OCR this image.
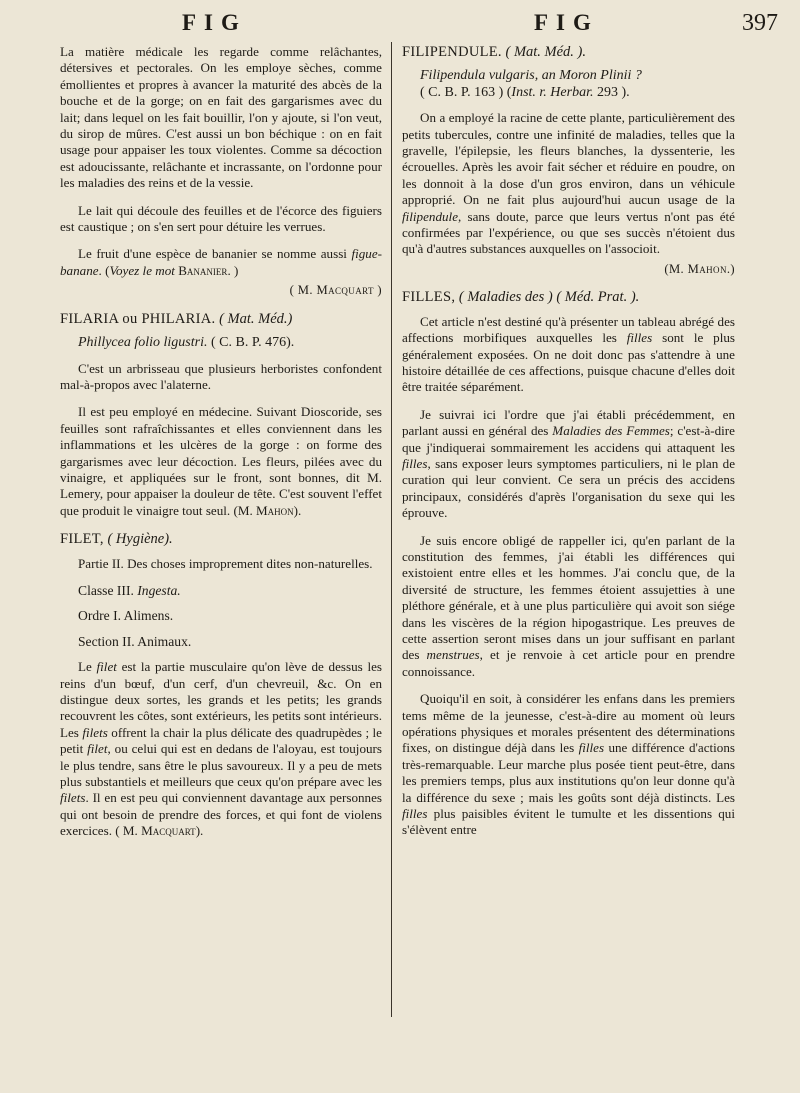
FIG	FIG	397

La matière médicale les regarde comme relâchantes, détersives et pectorales. On les employe sèches, comme émollientes et propres à avancer la maturité des abcès de la bouche et de la gorge; on en fait des gargarismes avec du lait; dans lequel on les fait bouillir, l'on y ajoute, si l'on veut, du sirop de mûres. C'est aussi un bon béchique : on en fait usage pour appaiser les toux violentes. Comme sa décoction est adoucissante, relâchante et incrassante, on l'ordonne pour les maladies des reins et de la vessie.

Le lait qui découle des feuilles et de l'écorce des figuiers est caustique ; on s'en sert pour détuire les verrues.

Le fruit d'une espèce de bananier se nomme aussi figue-banane. (Voyez le mot Bananier. )

( M. Macquart )

FILARIA ou PHILARIA. ( Mat. Méd.)
Phillycea folio ligustri. ( C. B. P. 476).

C'est un arbrisseau que plusieurs herboristes confondent mal-à-propos avec l'alaterne.

Il est peu employé en médecine. Suivant Dioscoride, ses feuilles sont rafraîchissantes et elles conviennent dans les inflammations et les ulcères de la gorge : on forme des gargarismes avec leur décoction. Les fleurs, pilées avec du vinaigre, et appliquées sur le front, sont bonnes, dit M. Lemery, pour appaiser la douleur de tête. C'est souvent l'effet que produit le vinaigre tout seul. (M. Mahon).

FILET, ( Hygiène).

Partie II. Des choses improprement dites non-naturelles.

Classe III. Ingesta.

Ordre I. Alimens.

Section II. Animaux.

Le filet est la partie musculaire qu'on lève de dessus les reins d'un bœuf, d'un cerf, d'un chevreuil, &c. On en distingue deux sortes, les grands et les petits; les grands recouvrent les côtes, sont extérieurs, les petits sont intérieurs. Les filets offrent la chair la plus délicate des quadrupèdes ; le petit filet, ou celui qui est en dedans de l'aloyau, est toujours le plus tendre, sans être le plus savoureux. Il y a peu de mets plus substantiels et meilleurs que ceux qu'on prépare avec les filets. Il en est peu qui conviennent davantage aux personnes qui ont besoin de prendre des forces, et qui font de violens exercices. ( M. Macquart).

FILIPENDULE. ( Mat. Méd. ).
Filipendula vulgaris, an Moron Plinii ?
( C. B. P. 163 ) (Inst. r. Herbar. 293 ).

On a employé la racine de cette plante, particulièrement des petits tubercules, contre une infinité de maladies, telles que la gravelle, l'épilepsie, les fleurs blanches, la dyssenterie, les écrouelles. Après les avoir fait sécher et réduire en poudre, on les donnoit à la dose d'un gros environ, dans un véhicule approprié. On ne fait plus aujourd'hui aucun usage de la filipendule, sans doute, parce que leurs vertus n'ont pas été confirmées par l'expérience, ou que ses succès n'étoient dus qu'à d'autres substances auxquelles on l'associoit.

(M. Mahon.)

FILLES, ( Maladies des ) ( Méd. Prat. ).

Cet article n'est destiné qu'à présenter un tableau abrégé des affections morbifiques auxquelles les filles sont le plus généralement exposées. On ne doit donc pas s'attendre à une histoire détaillée de ces affections, puisque chacune d'elles doit être traitée séparément.

Je suivrai ici l'ordre que j'ai établi précédemment, en parlant aussi en général des Maladies des Femmes; c'est-à-dire que j'indiquerai sommairement les accidens qui attaquent les filles, sans exposer leurs symptomes particuliers, ni le plan de curation qui leur convient. Ce sera un précis des accidens principaux, considérés d'après l'organisation du sexe qui les éprouve.

Je suis encore obligé de rappeller ici, qu'en parlant de la constitution des femmes, j'ai établi les différences qui existoient entre elles et les hommes. J'ai conclu que, de la diversité de structure, les femmes étoient assujetties à une pléthore générale, et à une plus particulière qui avoit son siége dans les viscères de la région hipogastrique. Les preuves de cette assertion seront mises dans un jour suffisant en parlant des menstrues, et je renvoie à cet article pour en prendre connoissance.

Quoiqu'il en soit, à considérer les enfans dans les premiers tems même de la jeunesse, c'est-à-dire au moment où leurs opérations physiques et morales présentent des déterminations fixes, on distingue déjà dans les filles une différence d'actions très-remarquable. Leur marche plus posée tient peut-être, dans les premiers temps, plus aux institutions qu'on leur donne qu'à la différence du sexe ; mais les goûts sont déjà distincts. Les filles plus paisibles évitent le tumulte et les dissentions qui s'élèvent entre
